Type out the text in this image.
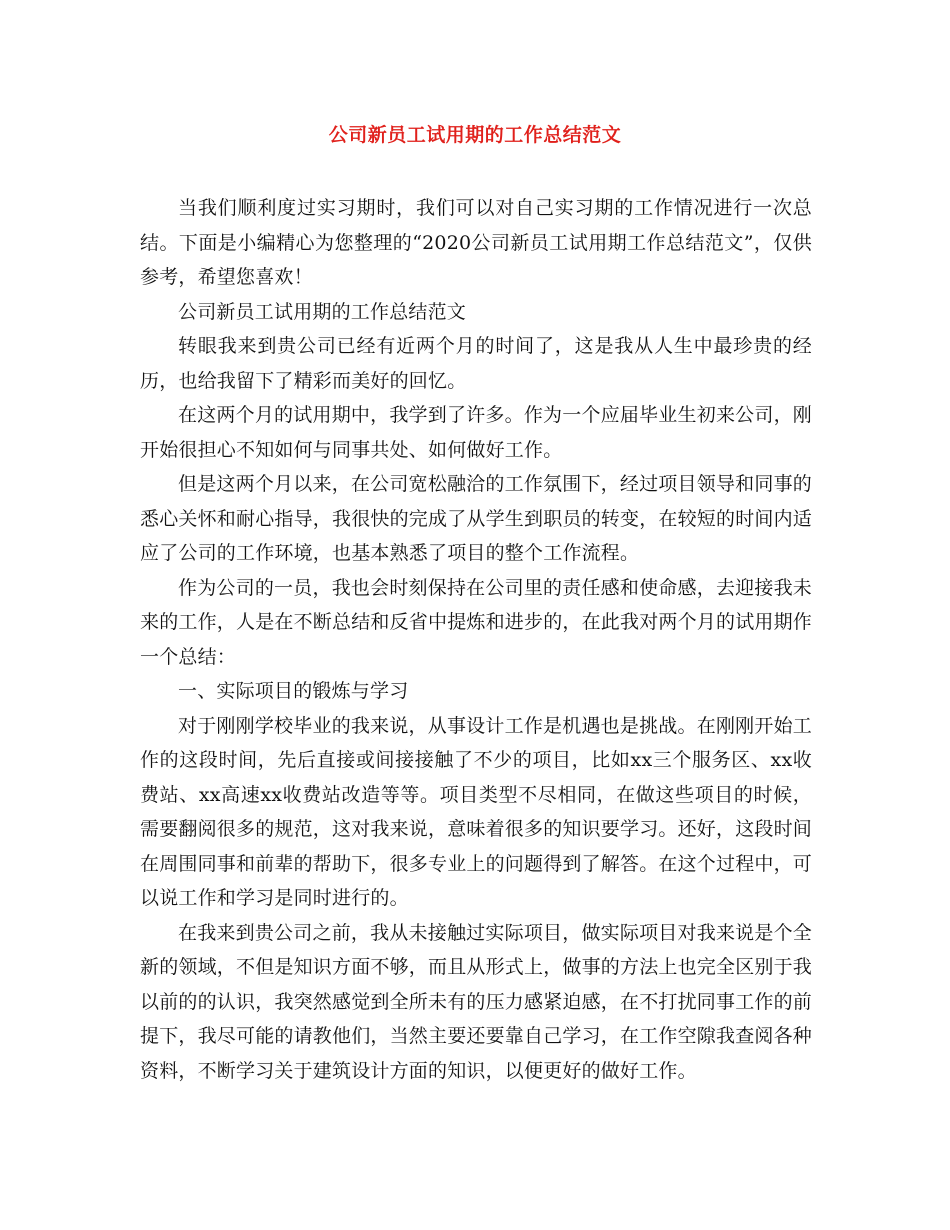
公司新员工试用期的工作总结范文

当我们顺利度过实习期时，我们可以对自己实习期的工作情况进行一次总结。下面是小编精心为您整理的“2020公司新员工试用期工作总结范文”，仅供参考，希望您喜欢！

公司新员工试用期的工作总结范文

转眼我来到贵公司已经有近两个月的时间了，这是我从人生中最珍贵的经历，也给我留下了精彩而美好的回忆。

在这两个月的试用期中，我学到了许多。作为一个应届毕业生初来公司，刚开始很担心不知如何与同事共处、如何做好工作。

但是这两个月以来，在公司宽松融洽的工作氛围下，经过项目领导和同事的悉心关怀和耐心指导，我很快的完成了从学生到职员的转变，在较短的时间内适应了公司的工作环境，也基本熟悉了项目的整个工作流程。

作为公司的一员，我也会时刻保持在公司里的责任感和使命感，去迎接我未来的工作，人是在不断总结和反省中提炼和进步的，在此我对两个月的试用期作一个总结：

一、实际项目的锻炼与学习

对于刚刚学校毕业的我来说，从事设计工作是机遇也是挑战。在刚刚开始工作的这段时间，先后直接或间接接触了不少的项目，比如xx三个服务区、xx收费站、xx高速xx收费站改造等等。项目类型不尽相同，在做这些项目的时候，需要翻阅很多的规范，这对我来说，意味着很多的知识要学习。还好，这段时间在周围同事和前辈的帮助下，很多专业上的问题得到了解答。在这个过程中，可以说工作和学习是同时进行的。

在我来到贵公司之前，我从未接触过实际项目，做实际项目对我来说是个全新的领域，不但是知识方面不够，而且从形式上，做事的方法上也完全区别于我以前的的认识，我突然感觉到全所未有的压力感紧迫感，在不打扰同事工作的前提下，我尽可能的请教他们，当然主要还要靠自己学习，在工作空隙我查阅各种资料，不断学习关于建筑设计方面的知识，以便更好的做好工作。
